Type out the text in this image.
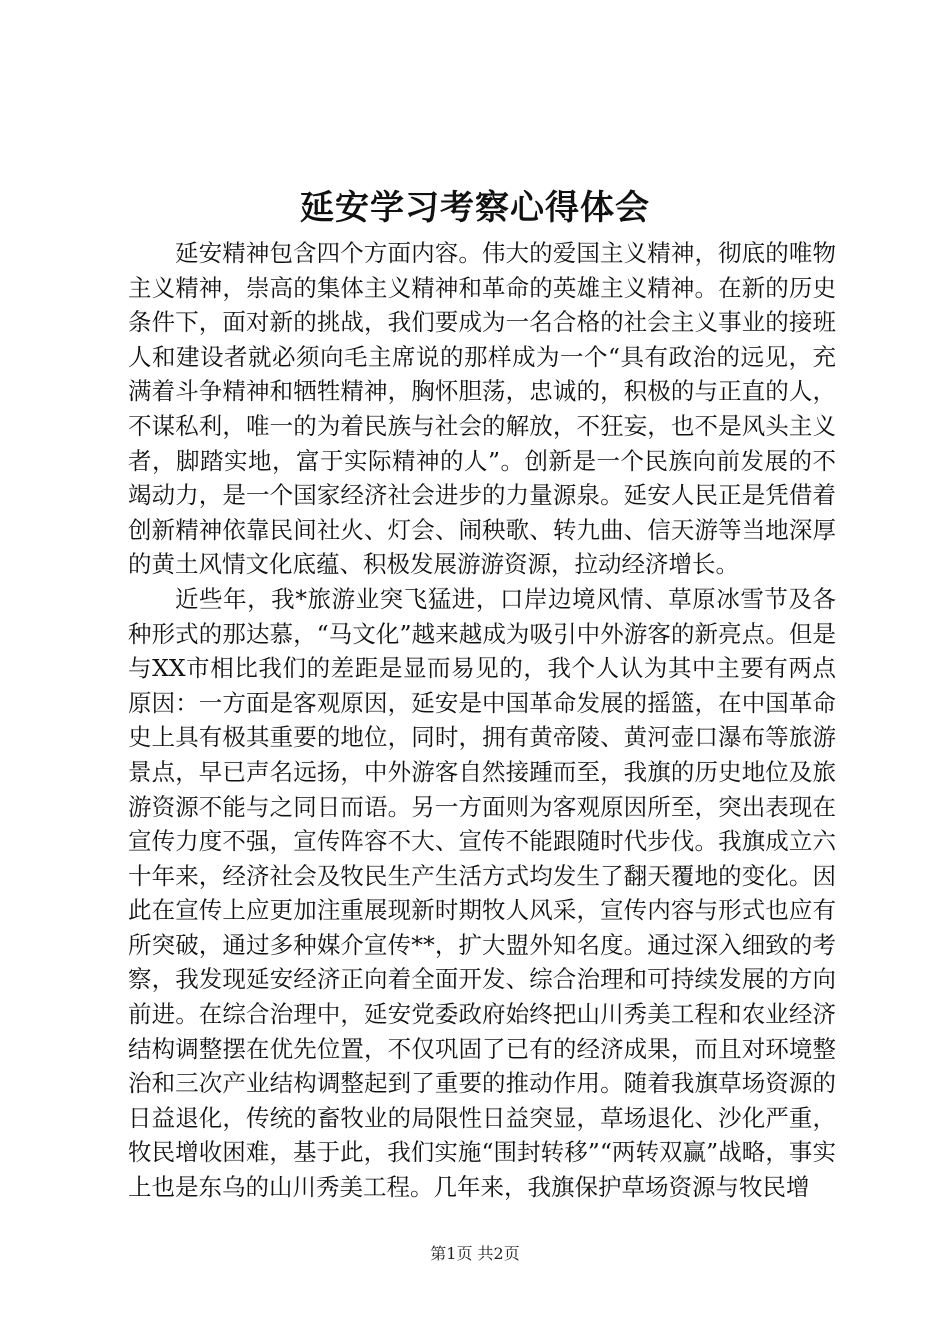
延安学习考察心得体会

延安精神包含四个方面内容。伟大的爱国主义精神，彻底的唯物主义精神，崇高的集体主义精神和革命的英雄主义精神。在新的历史条件下，面对新的挑战，我们要成为一名合格的社会主义事业的接班人和建设者就必须向毛主席说的那样成为一个“具有政治的远见，充满着斗争精神和牺牲精神，胸怀胆荡，忠诚的，积极的与正直的人，不谋私利，唯一的为着民族与社会的解放，不狂妄，也不是风头主义者，脚踏实地，富于实际精神的人”。创新是一个民族向前发展的不竭动力，是一个国家经济社会进步的力量源泉。延安人民正是凭借着创新精神依靠民间社火、灯会、闹秧歌、转九曲、信天游等当地深厚的黄土风情文化底蕴、积极发展游游资源，拉动经济增长。

近些年，我*旅游业突飞猛进，口岸边境风情、草原冰雪节及各种形式的那达慕，“马文化”越来越成为吸引中外游客的新亮点。但是与XX市相比我们的差距是显而易见的，我个人认为其中主要有两点原因：一方面是客观原因，延安是中国革命发展的摇篮，在中国革命史上具有极其重要的地位，同时，拥有黄帝陵、黄河壶口瀑布等旅游景点，早已声名远扬，中外游客自然接踵而至，我旗的历史地位及旅游资源不能与之同日而语。另一方面则为客观原因所至，突出表现在宣传力度不强，宣传阵容不大、宣传不能跟随时代步伐。我旗成立六十年来，经济社会及牧民生产生活方式均发生了翻天覆地的变化。因此在宣传上应更加注重展现新时期牧人风采，宣传内容与形式也应有所突破，通过多种媒介宣传**，扩大盟外知名度。通过深入细致的考察，我发现延安经济正向着全面开发、综合治理和可持续发展的方向前进。在综合治理中，延安党委政府始终把山川秀美工程和农业经济结构调整摆在优先位置，不仅巩固了已有的经济成果，而且对环境整治和三次产业结构调整起到了重要的推动作用。随着我旗草场资源的日益退化，传统的畜牧业的局限性日益突显，草场退化、沙化严重，牧民增收困难，基于此，我们实施“围封转移”“两转双赢”战略，事实上也是东乌的山川秀美工程。几年来，我旗保护草场资源与牧民增

第1页 共2页
